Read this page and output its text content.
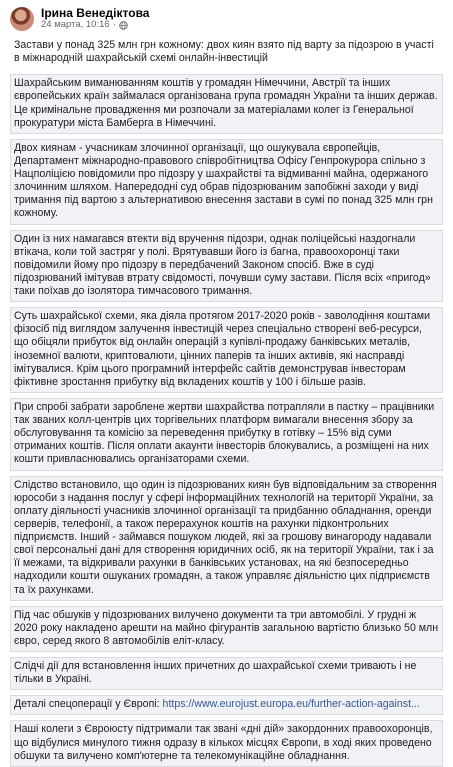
Ірина Венедіктова
24 марта, 10:16 ·
Застави у понад 325 млн грн кожному: двох киян взято під варту за підозрою в участі в міжнародній шахрайській схемі онлайн-інвестицій
Шахрайським виманюванням коштів у громадян Німеччини, Австрії та інших європейських країн займалася організована група громадян України та інших держав. Це кримінальне провадження ми розпочали за матеріалами колег із Генеральної прокуратури міста Бамберга в Німеччині.
Двох киянам - учасникам злочинної організації, що ошукувала європейців, Департамент міжнародно-правового співробітництва Офісу Генпрокурора спільно з Нацполіцією повідомили про підозру у шахрайстві та відмиванні майна, одержаного злочинним шляхом. Напередодні суд обрав підозрюваним запобіжні заходи у виді тримання під вартою з альтернативою внесення застави в сумі по понад 325 млн грн кожному.
Один із них намагався втекти від вручення підозри, однак поліцейські наздогнали втікача, коли той застряг у полі. Врятувавши його із багна, правоохоронці таки повідомили йому про підозру в передбачений Законом спосіб. Вже в суді підозрюваний імітував втрату свідомості, почувши суму застави. Після всіх «пригод» таки поїхав до ізолятора тимчасового тримання.
Суть шахрайської схеми, яка діяла протягом 2017-2020 років - заволодіння коштами фізосіб під виглядом залучення інвестицій через спеціально створені веб-ресурси, що обіцяли прибуток від онлайн операцій з купівлі-продажу банківських металів, іноземної валюти, криптовалюти, цінних паперів та інших активів, які насправді імітувалися. Крім цього програмний інтерфейс сайтів демонстрував інвесторам фіктивне зростання прибутку від вкладених коштів у 100 і більше разів.
При спробі забрати зароблене жертви шахрайства потрапляли в пастку – працівники так званих колл-центрів цих торгівельних платформ вимагали внесення збору за обслуговування та комісію за переведення прибутку в готівку – 15% від суми отриманих коштів. Після оплати акаунти інвесторів блокувались, а розміщені на них кошти привласнювались організаторами схеми.
Слідство встановило, що один із підозрюваних киян був відповідальним за створення юрособи з надання послуг у сфері інформаційних технологій на території України, за оплату діяльності учасників злочинної організації та придбанню обладнання, оренди серверів, телефонії, а також перерахунок коштів на рахунки підконтрольних підприємств. Інший - займався пошуком людей, які за грошову винагороду надавали свої персональні дані для створення юридичних осіб, як на території України, так і за її межами, та відкривали рахунки в банківських установах, на які безпосередньо надходили кошти ошуканих громадян, а також управляє діяльністю цих підприємств та їх рахунками.
Під час обшуків у підозрюваних вилучено документи та три автомобілі. У грудні ж 2020 року накладено арешти на майно фігурантів загальною вартістю близько 50 млн євро, серед якого 8 автомобілів еліт-класу.
Слідчі дії для встановлення інших причетних до шахрайської схеми тривають і не тільки в Україні.
Деталі спецоперації у Європі: https://www.eurojust.europa.eu/further-action-against...
Наші колеги з Євроюсту підтримали так звані «дні дій» закордонних правоохоронців, що відбулися минулого тижня одразу в кількох місцях Європи, в ході яких проведено обшуки та вилучено комп'ютерне та телекомунікаційне обладнання.
